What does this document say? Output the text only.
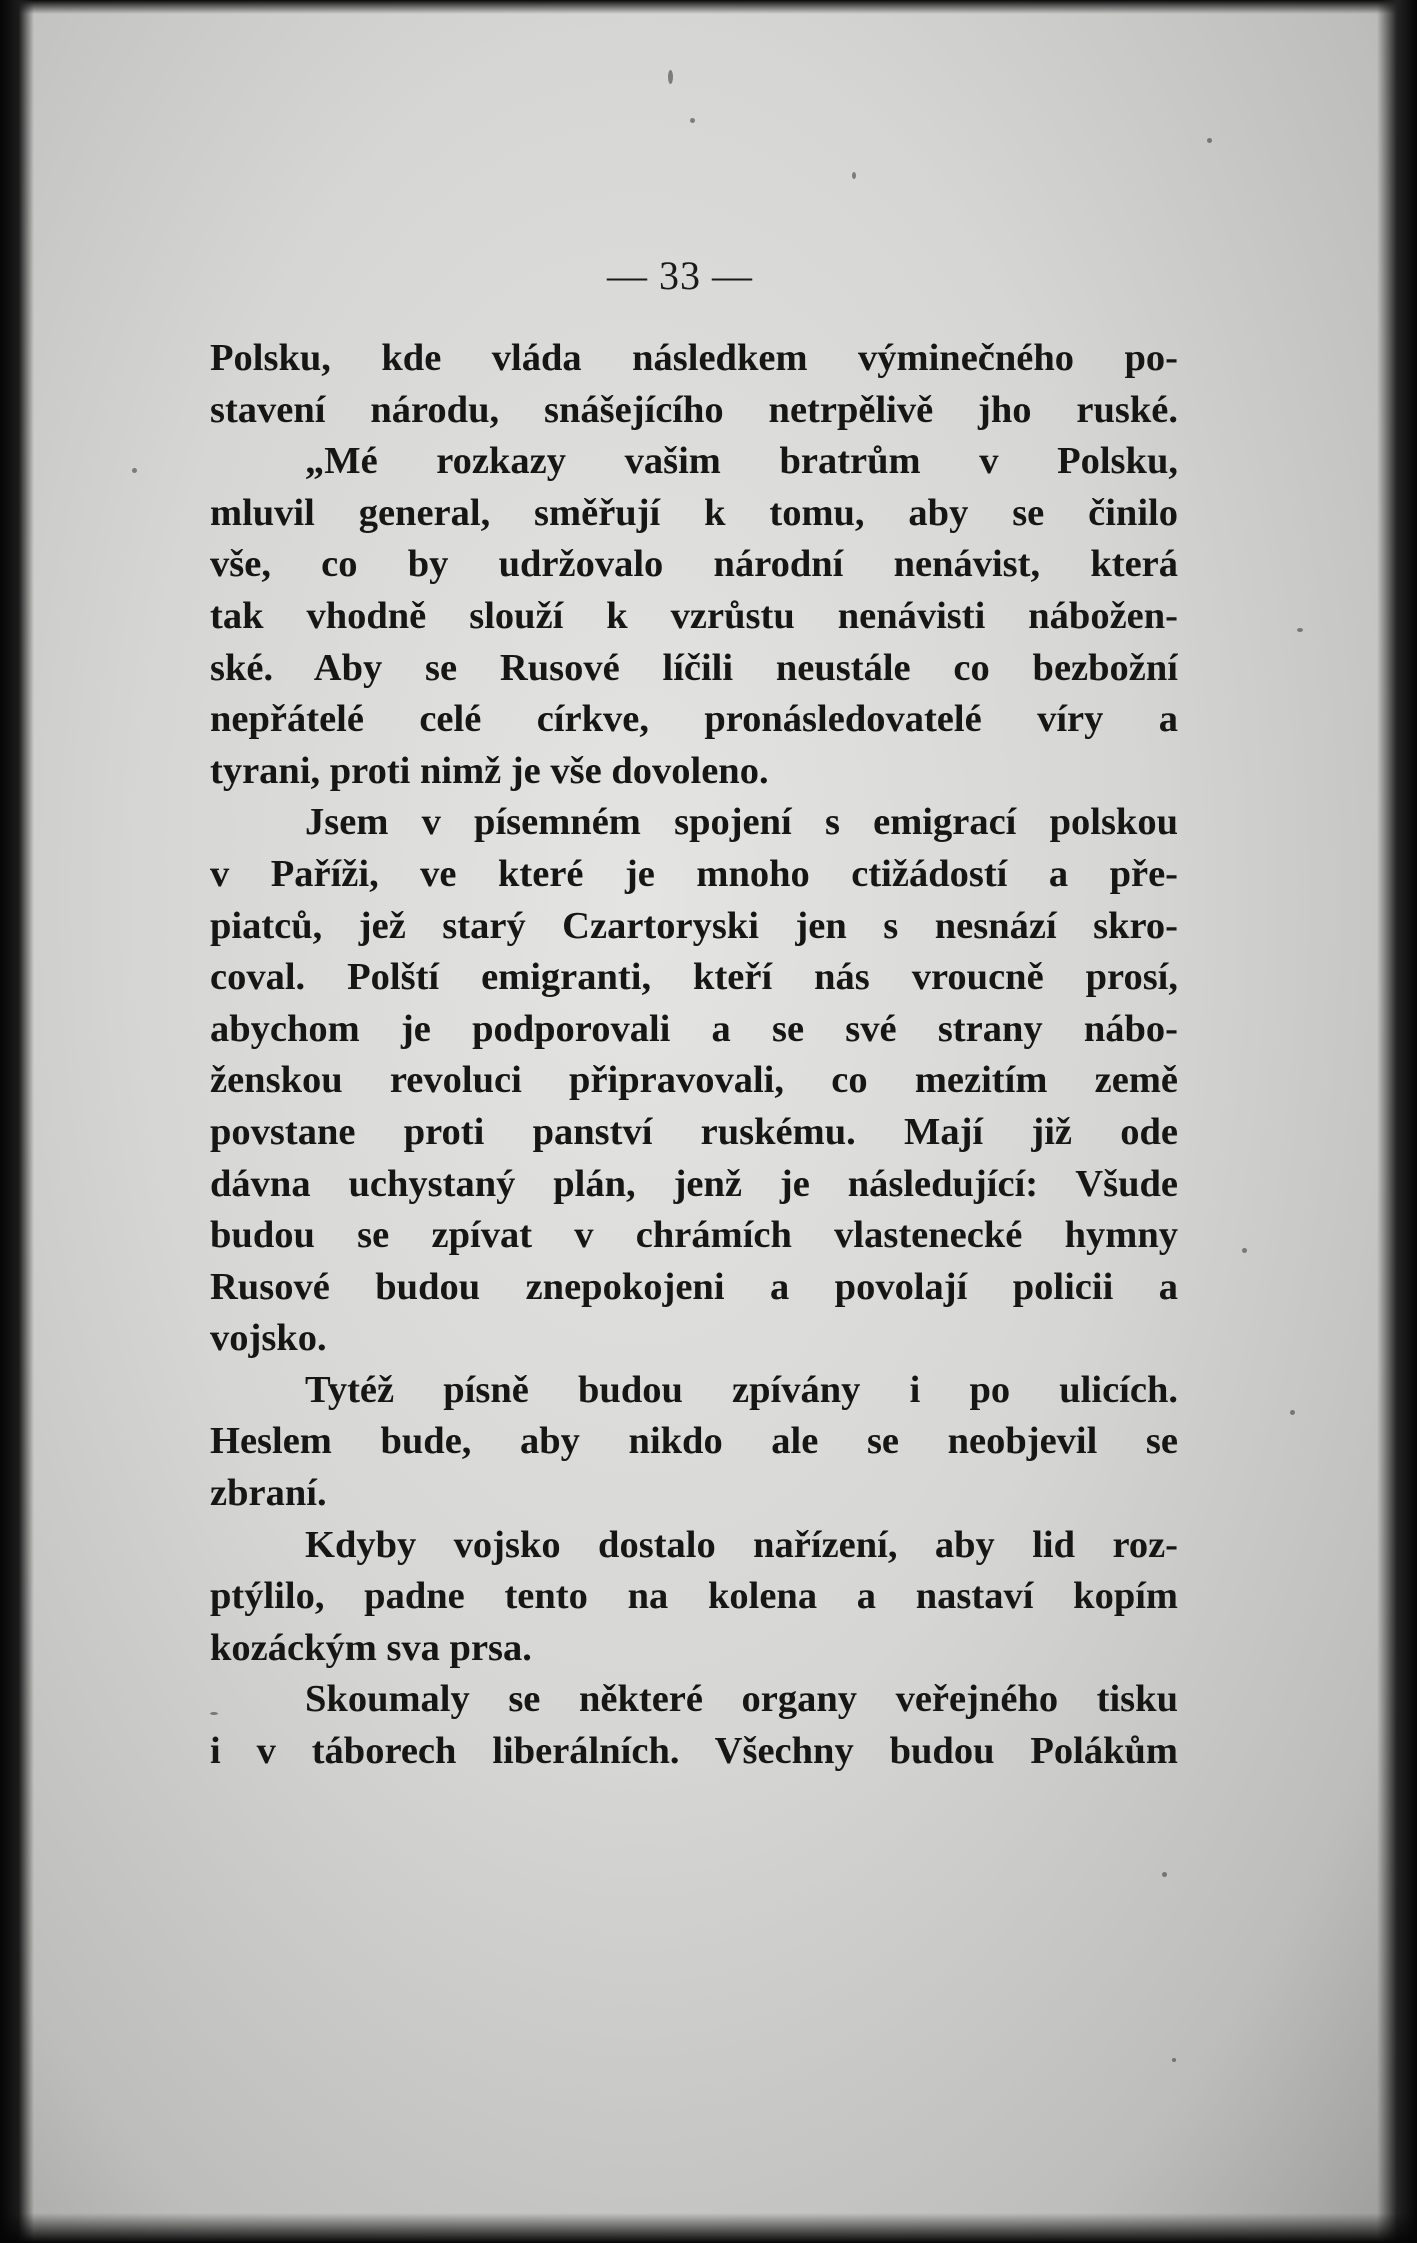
— 33 —
Polsku, kde vláda následkem výminečného po-
stavení národu, snášejícího netrpělivě jho ruské.
„Mé rozkazy vašim bratrům v Polsku,
mluvil general, směřují k tomu, aby se činilo
vše, co by udržovalo národní nenávist, která
tak vhodně slouží k vzrůstu nenávisti nábožen-
ské. Aby se Rusové líčili neustále co bezbožní
nepřátelé celé církve, pronásledovatelé víry a
tyrani, proti nimž je vše dovoleno.
Jsem v písemném spojení s emigrací polskou
v Paříži, ve které je mnoho ctižádostí a pře-
piatců, jež starý Czartoryski jen s nesnází skro-
coval. Polští emigranti, kteří nás vroucně prosí,
abychom je podporovali a se své strany nábo-
ženskou revoluci připravovali, co mezitím země
povstane proti panství ruskému. Mají již ode
dávna uchystaný plán, jenž je následující: Všude
budou se zpívat v chrámích vlastenecké hymny
Rusové budou znepokojeni a povolají policii a
vojsko.
Tytéž písně budou zpívány i po ulicích.
Heslem bude, aby nikdo ale se neobjevil se
zbraní.
Kdyby vojsko dostalo nařízení, aby lid roz-
ptýlilo, padne tento na kolena a nastaví kopím
kozáckým sva prsa.
Skoumaly se některé organy veřejného tisku
i v táborech liberálních. Všechny budou Polákům
